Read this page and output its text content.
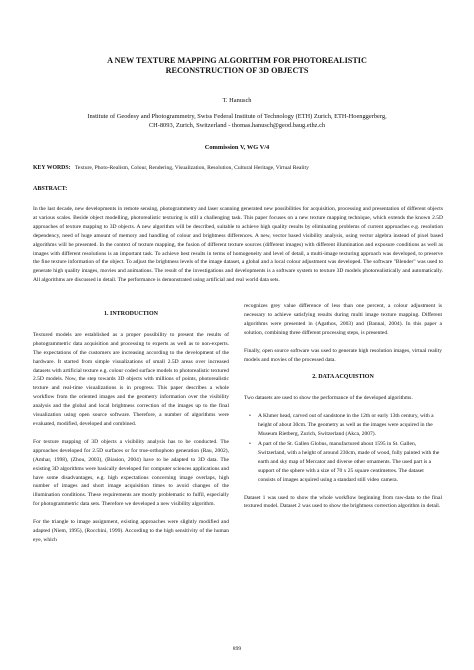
A NEW TEXTURE MAPPING ALGORITHM FOR PHOTOREALISTIC
RECONSTRUCTION OF 3D OBJECTS
T. Hanusch
Institute of Geodesy and Photogrammetry, Swiss Federal Institute of Technology (ETH) Zurich, ETH-Hoenggerberg,
CH-8093, Zurich, Switzerland - thomas.hanusch@geod.baug.ethz.ch
Commission V, WG V/4
KEY WORDS: Texture, Photo-Realism, Colour, Rendering, Visualization, Resolution, Cultural Heritage, Virtual Reality
ABSTRACT:
In the last decade, new developments in remote sensing, photogrammetry and laser scanning generated new possibilities for acquisition, processing and presentation of different objects at various scales. Beside object modelling, photorealistic texturing is still a challenging task. This paper focuses on a new texture mapping technique, which extends the known 2.5D approaches of texture mapping to 3D objects. A new algorithm will be described, suitable to achieve high quality results by eliminating problems of current approaches e.g. resolution dependency, need of huge amount of memory and handling of colour and brightness differences. A new, vector based visibility analysis, using vector algebra instead of pixel based algorithms will be presented. In the context of texture mapping, the fusion of different texture sources (different images) with different illumination and exposure conditions as well as images with different resolutions is an important task. To achieve best results in terms of homogeneity and level of detail, a multi-image texturing approach was developed, to preserve the fine texture information of the object. To adjust the brightness levels of the image dataset, a global and a local colour adjustment was developed. The software "Blender" was used to generate high quality images, movies and animations. The result of the investigations and developments is a software system to texture 3D models photorealistically and automatically. All algorithms are discussed in detail. The performance is demonstrated using artificial and real world data sets.
1. INTRODUCTION

Textured models are established as a proper possibility to present the results of photogrammetric data acquisition and processing to experts as well as to non-experts. The expectations of the customers are increasing according to the development of the hardware. It started from simple visualizations of small 2.5D areas over increased datasets with artificial texture e.g. colour coded surface models to photorealistic textured 2.5D models. Now, the step towards 3D objects with millions of points, photorealistic texture and real-time visualizations is in progress. This paper describes a whole workflow from the oriented images and the geometry information over the visibility analysis and the global and local brightness correction of the images up to the final visualization using open source software. Therefore, a number of algorithms were evaluated, modified, developed and combined.

For texture mapping of 3D objects a visibility analysis has to be conducted. The approaches developed for 2.5D surfaces or for true-orthophoto generation (Rau, 2002), (Amhar, 1998), (Zhou, 2003), (Biasion, 2004) have to be adapted to 3D data. The existing 3D algorithms were basically developed for computer sciences applications and have some disadvantages, e.g. high expectations concerning image overlaps, high number of images and short image acquisition times to avoid changes of the illumination conditions. These requirements are mostly problematic to fulfil, especially for photogrammetric data sets. Therefore we developed a new visibility algorithm.

For the triangle to image assignment, existing approaches were slightly modified and adapted (Niem, 1995), (Rocchini, 1999). According to the high sensitivity of the human eye, which

recognizes grey value difference of less than one percent, a colour adjustment is necessary to achieve satisfying results during multi image texture mapping. Different algorithms were presented in (Agathos, 2003) and (Bannai, 2004). In this paper a solution, combining three different processing steps, is presented.

Finally, open source software was used to generate high resolution images, virtual reality models and movies of the processed data.

2. DATA ACQUISTION

Two datasets are used to show the performance of the developed algorithms.

• A Khmer head, carved out of sandstone in the 12th or early 13th century, with a height of about 30cm. The geometry as well as the images were acquired in the Museum Rietberg, Zurich, Switzerland (Akca, 2007).
• A part of the St. Gallen Globus, manufactured about 1595 in St. Gallen, Switzerland, with a height of around 230cm, made of wood, fully painted with the earth and sky map of Mercator and diverse other ornaments. The used part is a support of the sphere with a size of 70 x 25 square centimetres. The dataset consists of images acquired using a standard still video camera.

Dataset 1 was used to show the whole workflow beginning from raw-data to the final textured model. Dataset 2 was used to show the brightness correction algorithm in detail.

899
